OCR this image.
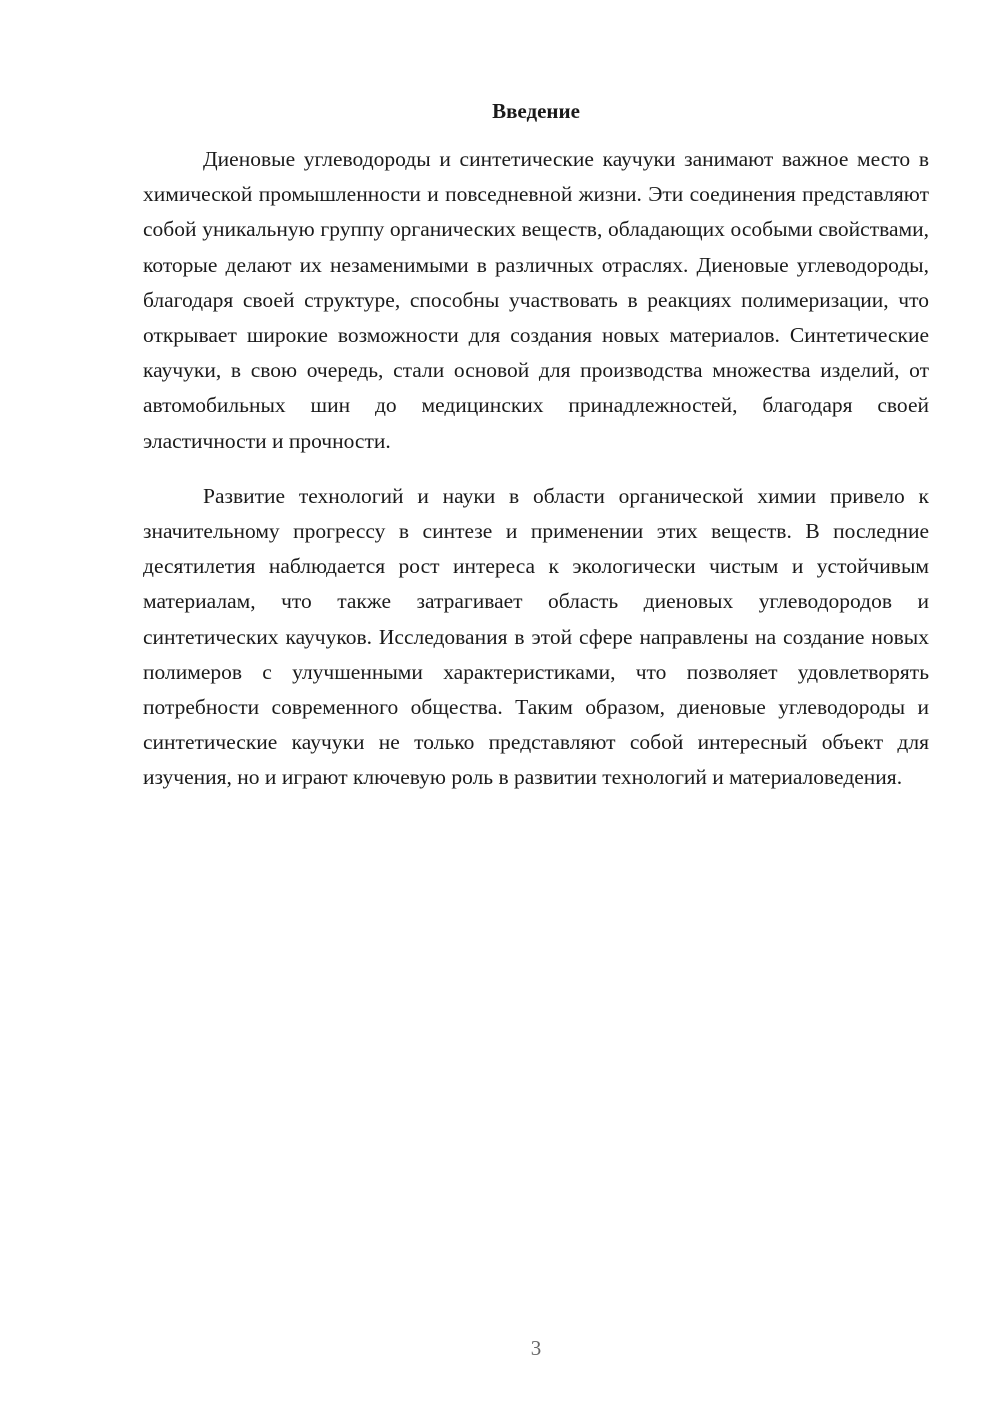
Введение

Диеновые углеводороды и синтетические каучуки занимают важное место в химической промышленности и повседневной жизни. Эти соединения представляют собой уникальную группу органических веществ, обладающих особыми свойствами, которые делают их незаменимыми в различных отраслях. Диеновые углеводороды, благодаря своей структуре, способны участвовать в реакциях полимеризации, что открывает широкие возможности для создания новых материалов. Синтетические каучуки, в свою очередь, стали основой для производства множества изделий, от автомобильных шин до медицинских принадлежностей, благодаря своей эластичности и прочности.

Развитие технологий и науки в области органической химии привело к значительному прогрессу в синтезе и применении этих веществ. В последние десятилетия наблюдается рост интереса к экологически чистым и устойчивым материалам, что также затрагивает область диеновых углеводородов и синтетических каучуков. Исследования в этой сфере направлены на создание новых полимеров с улучшенными характеристиками, что позволяет удовлетворять потребности современного общества. Таким образом, диеновые углеводороды и синтетические каучуки не только представляют собой интересный объект для изучения, но и играют ключевую роль в развитии технологий и материаловедения.

3
